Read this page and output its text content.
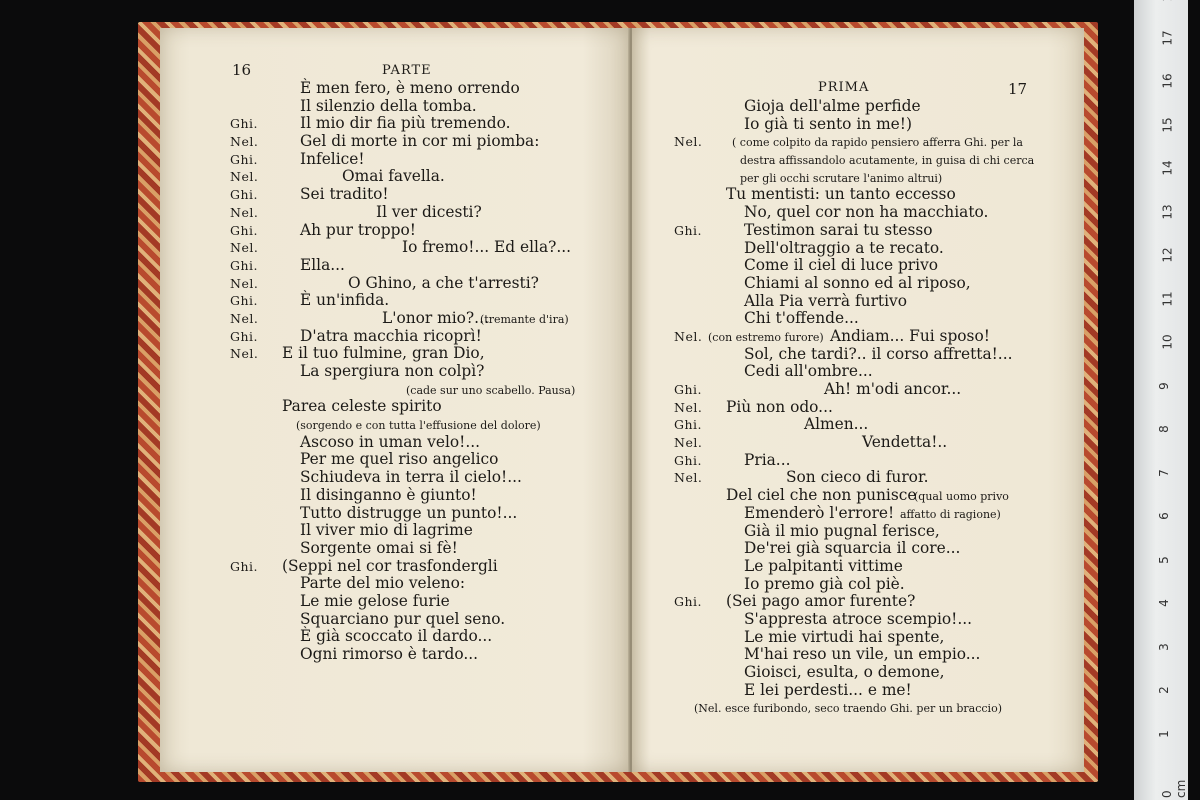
16	PARTE
È men fero, è meno orrendo
Il silenzio della tomba.
Ghi.	Il mio dir fia più tremendo.
Nel.	Gel di morte in cor mi piomba:
Ghi.	Infelice!
Nel.	Omai favella.
Ghi.	Sei tradito!
Nel.	Il ver dicesti?
Ghi.	Ah pur troppo!
Nel.	Io fremo!... Ed ella?...
Ghi.	Ella...
Nel.	O Ghino, a che t'arresti?
Ghi.	È un'infida.
Nel.	L'onor mio?...
(tremante d'ira)
Ghi.	D'atra macchia ricoprì!
Nel. E il tuo fulmine, gran Dio,
La spergiura non colpì?
(cade sur uno scabello. Pausa)
Parea celeste spirito
(sorgendo e con tutta l'effusione del dolore)
Ascoso in uman velo!...
Per me quel riso angelico
Schiudeva in terra il cielo!...
Il disinganno è giunto!
Tutto distrugge un punto!...
Il viver mio di lagrime
Sorgente omai si fè!
Ghi. (Seppi nel cor trasfondergli
Parte del mio veleno:
Le mie gelose furie
Squarciano pur quel seno.
È già scoccato il dardo...
Ogni rimorso è tardo...
PRIMA	17
Gioja dell'alme perfide
Io già ti sento in me!)
Nel.	( come colpito da rapido pensiero afferra Ghi. per la
destra affissandolo acutamente, in guisa di chi cerca
per gli occhi scrutare l'animo altrui)
Tu mentisti: un tanto eccesso
No, quel cor non ha macchiato.
Ghi.	Testimon sarai tu stesso
Dell'oltraggio a te recato.
Come il ciel di luce privo
Chiami al sonno ed al riposo,
Alla Pia verrà furtivo
Chi t'offende...
Nel.	Andiam... Fui sposo!
(con estremo furore)
Sol, che tardi?.. il corso affretta!...
Cedi all'ombre...
Ghi.	Ah! m'odi ancor...
Nel. Più non odo...
Ghi.	Almen...
Nel.	Vendetta!..
Ghi.	Pria...
Nel.	Son cieco di furor.
Del ciel che non punisce
(qual uomo privo
Emenderò l'errore! affatto di ragione)
Già il mio pugnal ferisce,
De'rei già squarcia il core...
Le palpitanti vittime
Io premo già col piè.
Ghi. (Sei pago amor furente?
S'appresta atroce scempio!...
Le mie virtudi hai spente,
M'hai reso un vile, un empio...
Gioisci, esulta, o demone,
E lei perdesti... e me!
(Nel. esce furibondo, seco traendo Ghi. per un braccio)
0 cm
1
2
3
4
5
6
7
8
9
10
11
12
13
14
15
16
17
